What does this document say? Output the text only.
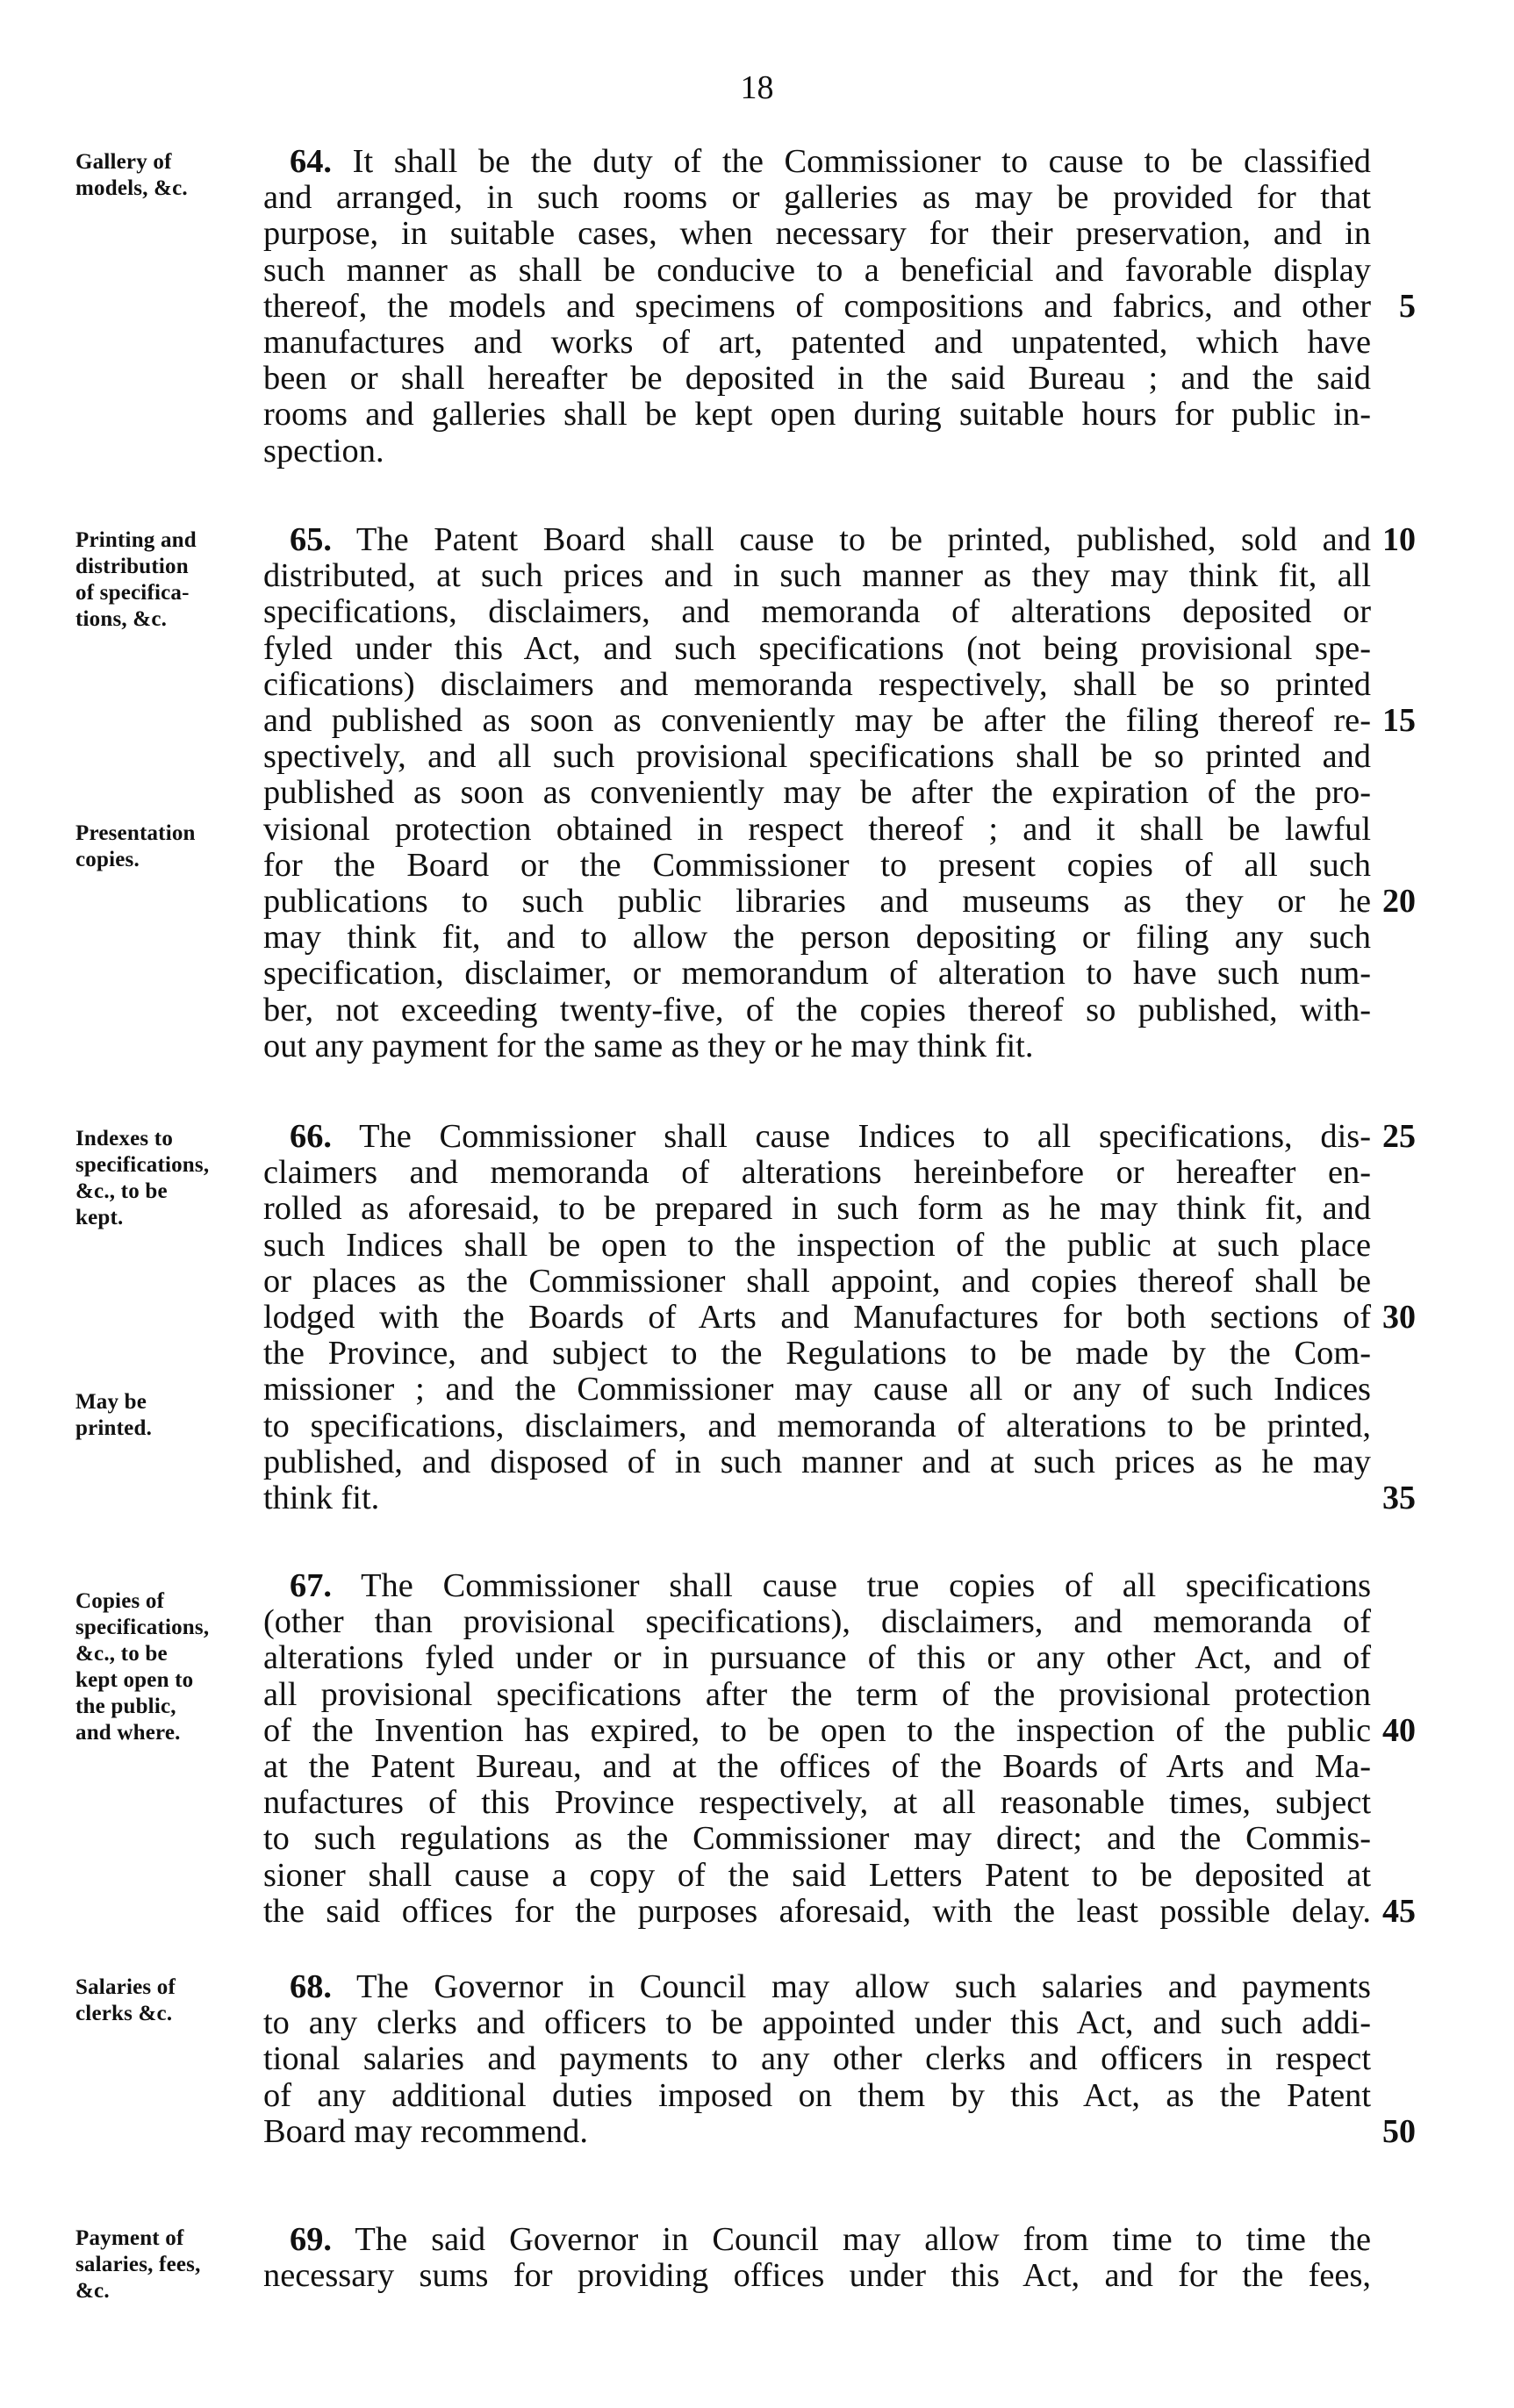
18
Gallery of
models, &c.
Printing and
distribution
of specifica-
tions, &c.
Presentation
copies.
Indexes to
specifications,
&c., to be
kept.
May be
printed.
Copies of
specifications,
&c., to be
kept open to
the public,
and where.
Salaries of
clerks &c.
Payment of
salaries, fees,
&c.
64. It shall be the duty of the Commissioner to cause to be classified
and arranged, in such rooms or galleries as may be provided for that
purpose, in suitable cases, when necessary for their preservation, and in
such manner as shall be conducive to a beneficial and favorable display
thereof, the models and specimens of compositions and fabrics, and other
manufactures and works of art, patented and unpatented, which have
been or shall hereafter be deposited in the said Bureau ; and the said
rooms and galleries shall be kept open during suitable hours for public in-
spection.
65. The Patent Board shall cause to be printed, published, sold and
distributed, at such prices and in such manner as they may think fit, all
specifications, disclaimers, and memoranda of alterations deposited or
fyled under this Act, and such specifications (not being provisional spe-
cifications) disclaimers and memoranda respectively, shall be so printed
and published as soon as conveniently may be after the filing thereof re-
spectively, and all such provisional specifications shall be so printed and
published as soon as conveniently may be after the expiration of the pro-
visional protection obtained in respect thereof ; and it shall be lawful
for the Board or the Commissioner to present copies of all such
publications to such public libraries and museums as they or he
may think fit, and to allow the person depositing or filing any such
specification, disclaimer, or memorandum of alteration to have such num-
ber, not exceeding twenty-five, of the copies thereof so published, with-
out any payment for the same as they or he may think fit.
66. The Commissioner shall cause Indices to all specifications, dis-
claimers and memoranda of alterations hereinbefore or hereafter en-
rolled as aforesaid, to be prepared in such form as he may think fit, and
such Indices shall be open to the inspection of the public at such place
or places as the Commissioner shall appoint, and copies thereof shall be
lodged with the Boards of Arts and Manufactures for both sections of
the Province, and subject to the Regulations to be made by the Com-
missioner ; and the Commissioner may cause all or any of such Indices
to specifications, disclaimers, and memoranda of alterations to be printed,
published, and disposed of in such manner and at such prices as he may
think fit.
67. The Commissioner shall cause true copies of all specifications
(other than provisional specifications), disclaimers, and memoranda of
alterations fyled under or in pursuance of this or any other Act, and of
all provisional specifications after the term of the provisional protection
of the Invention has expired, to be open to the inspection of the public
at the Patent Bureau, and at the offices of the Boards of Arts and Ma-
nufactures of this Province respectively, at all reasonable times, subject
to such regulations as the Commissioner may direct; and the Commis-
sioner shall cause a copy of the said Letters Patent to be deposited at
the said offices for the purposes aforesaid, with the least possible delay.
68. The Governor in Council may allow such salaries and payments
to any clerks and officers to be appointed under this Act, and such addi-
tional salaries and payments to any other clerks and officers in respect
of any additional duties imposed on them by this Act, as the Patent
Board may recommend.
69. The said Governor in Council may allow from time to time the
necessary sums for providing offices under this Act, and for the fees,
5
10
15
20
25
30
35
40
45
50
